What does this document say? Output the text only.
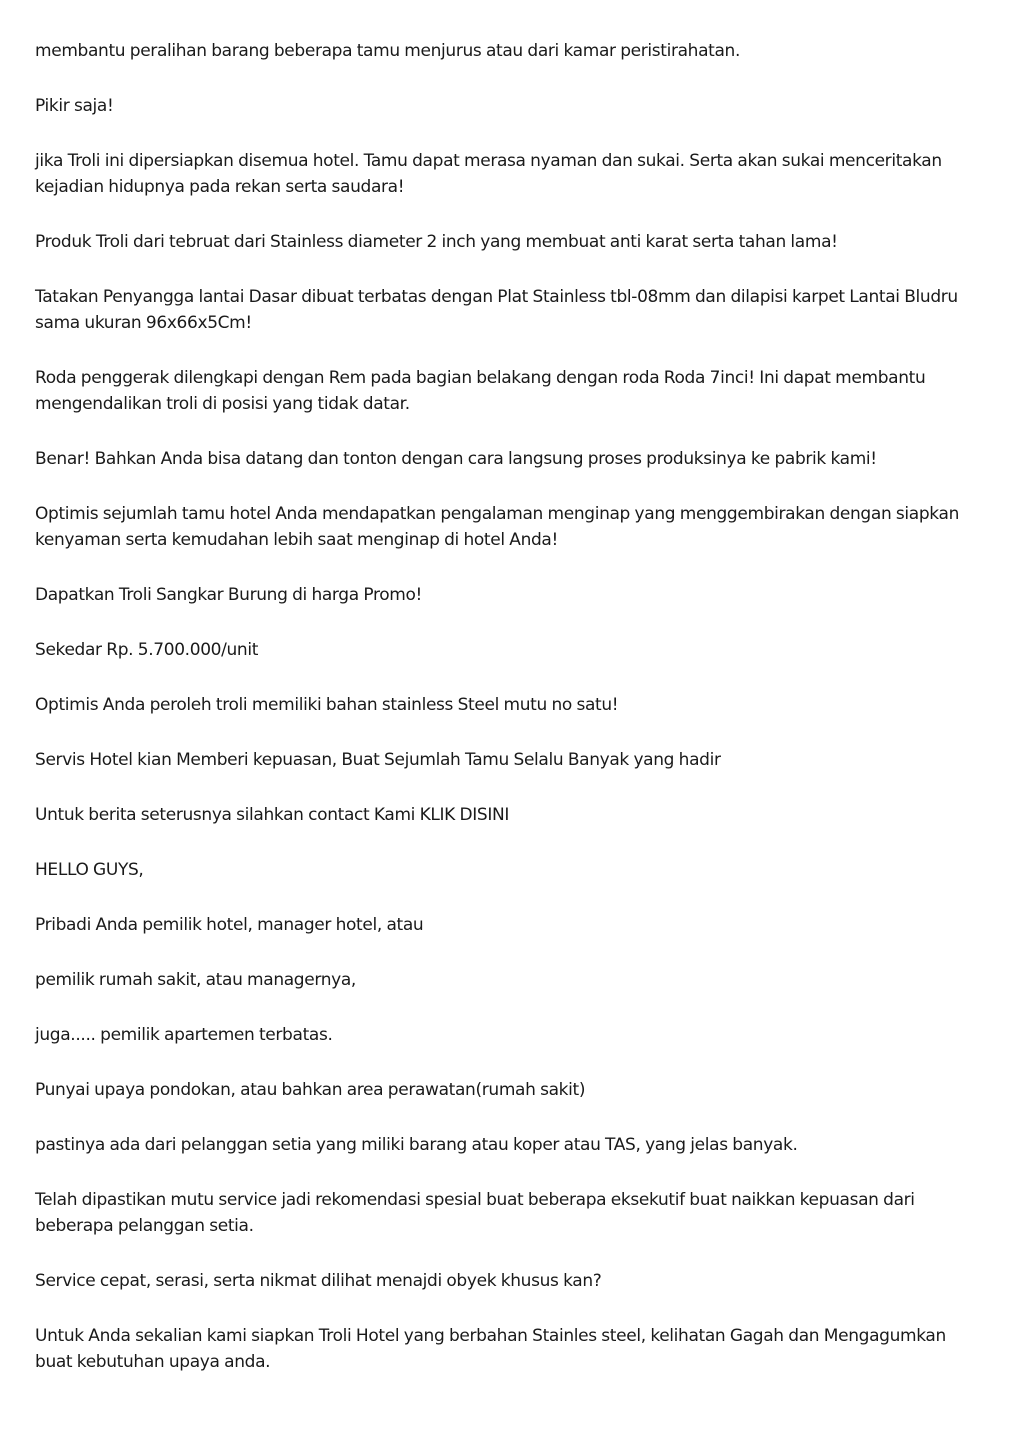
membantu peralihan barang beberapa tamu menjurus atau dari kamar peristirahatan.

Pikir saja!

jika Troli ini dipersiapkan disemua hotel. Tamu dapat merasa nyaman dan sukai. Serta akan sukai menceritakan kejadian hidupnya pada rekan serta saudara!

Produk Troli dari tebruat dari Stainless diameter 2 inch yang membuat anti karat serta tahan lama!

Tatakan Penyangga lantai Dasar dibuat terbatas dengan Plat Stainless tbl-08mm dan dilapisi karpet Lantai Bludru sama ukuran 96x66x5Cm!

Roda penggerak dilengkapi dengan Rem pada bagian belakang dengan roda Roda 7inci! Ini dapat membantu mengendalikan troli di posisi yang tidak datar.

Benar! Bahkan Anda bisa datang dan tonton dengan cara langsung proses produksinya ke pabrik kami!

Optimis sejumlah tamu hotel Anda mendapatkan pengalaman menginap yang menggembirakan dengan siapkan kenyaman serta kemudahan lebih saat menginap di hotel Anda!

Dapatkan Troli Sangkar Burung di harga Promo!

Sekedar Rp. 5.700.000/unit

Optimis Anda peroleh troli memiliki bahan stainless Steel mutu no satu!

Servis Hotel kian Memberi kepuasan, Buat Sejumlah Tamu Selalu Banyak yang hadir

Untuk berita seterusnya silahkan contact Kami KLIK DISINI

HELLO GUYS,

Pribadi Anda pemilik hotel, manager hotel, atau

pemilik rumah sakit, atau managernya,

juga..... pemilik apartemen terbatas.

Punyai upaya pondokan, atau bahkan area perawatan(rumah sakit)

pastinya ada dari pelanggan setia yang miliki barang atau koper atau TAS, yang jelas banyak.

Telah dipastikan mutu service jadi rekomendasi spesial buat beberapa eksekutif buat naikkan kepuasan dari beberapa pelanggan setia.

Service cepat, serasi, serta nikmat dilihat menajdi obyek khusus kan?

Untuk Anda sekalian kami siapkan Troli Hotel yang berbahan Stainles steel, kelihatan Gagah dan Mengagumkan buat kebutuhan upaya anda.
